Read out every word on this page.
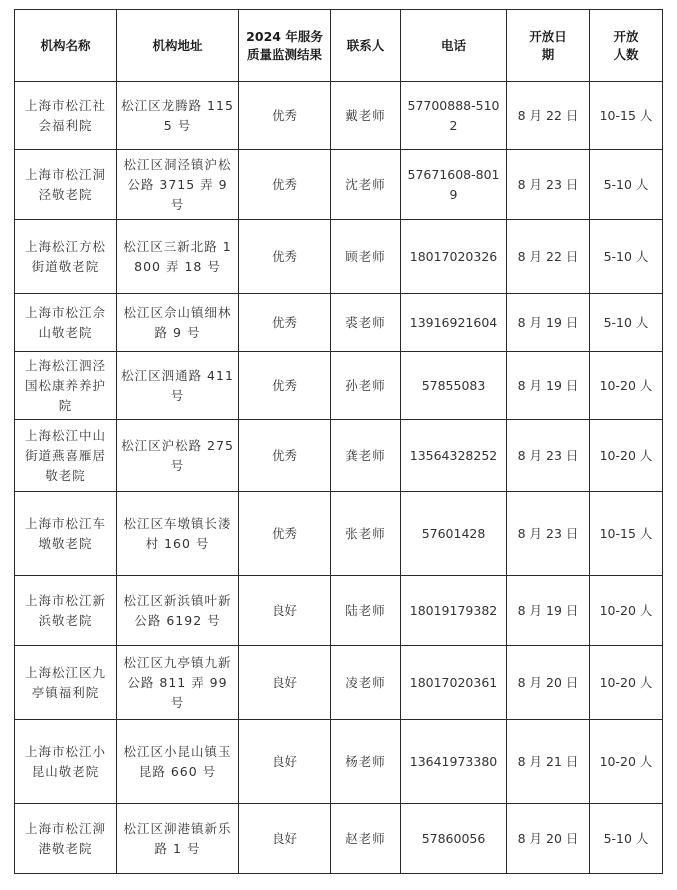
机构名称	机构地址	2024 年服务质量监测结果	联系人	电话	开放日期	开放人数
上海市松江社会福利院	松江区龙腾路 1155 号	优秀	戴老师	57700888-5102	8 月 22 日	10-15 人
上海市松江洞泾敬老院	松江区洞泾镇沪松公路 3715 弄 9 号	优秀	沈老师	57671608-8019	8 月 23 日	5-10 人
上海松江方松街道敬老院	松江区三新北路 1800 弄 18 号	优秀	顾老师	18017020326	8 月 22 日	5-10 人
上海市松江佘山敬老院	松江区佘山镇细林路 9 号	优秀	裘老师	13916921604	8 月 19 日	5-10 人
上海松江泗泾国松康养养护院	松江区泗通路 411 号	优秀	孙老师	57855083	8 月 19 日	10-20 人
上海松江中山街道燕喜雁居敬老院	松江区沪松路 275 号	优秀	龚老师	13564328252	8 月 23 日	10-20 人
上海市松江车墩敬老院	松江区车墩镇长溇村 160 号	优秀	张老师	57601428	8 月 23 日	10-15 人
上海市松江新浜敬老院	松江区新浜镇叶新公路 6192 号	良好	陆老师	18019179382	8 月 19 日	10-20 人
上海松江区九亭镇福利院	松江区九亭镇九新公路 811 弄 99 号	良好	凌老师	18017020361	8 月 20 日	10-20 人
上海市松江小昆山敬老院	松江区小昆山镇玉昆路 660 号	良好	杨老师	13641973380	8 月 21 日	10-20 人
上海市松江泖港敬老院	松江区泖港镇新乐路 1 号	良好	赵老师	57860056	8 月 20 日	5-10 人
